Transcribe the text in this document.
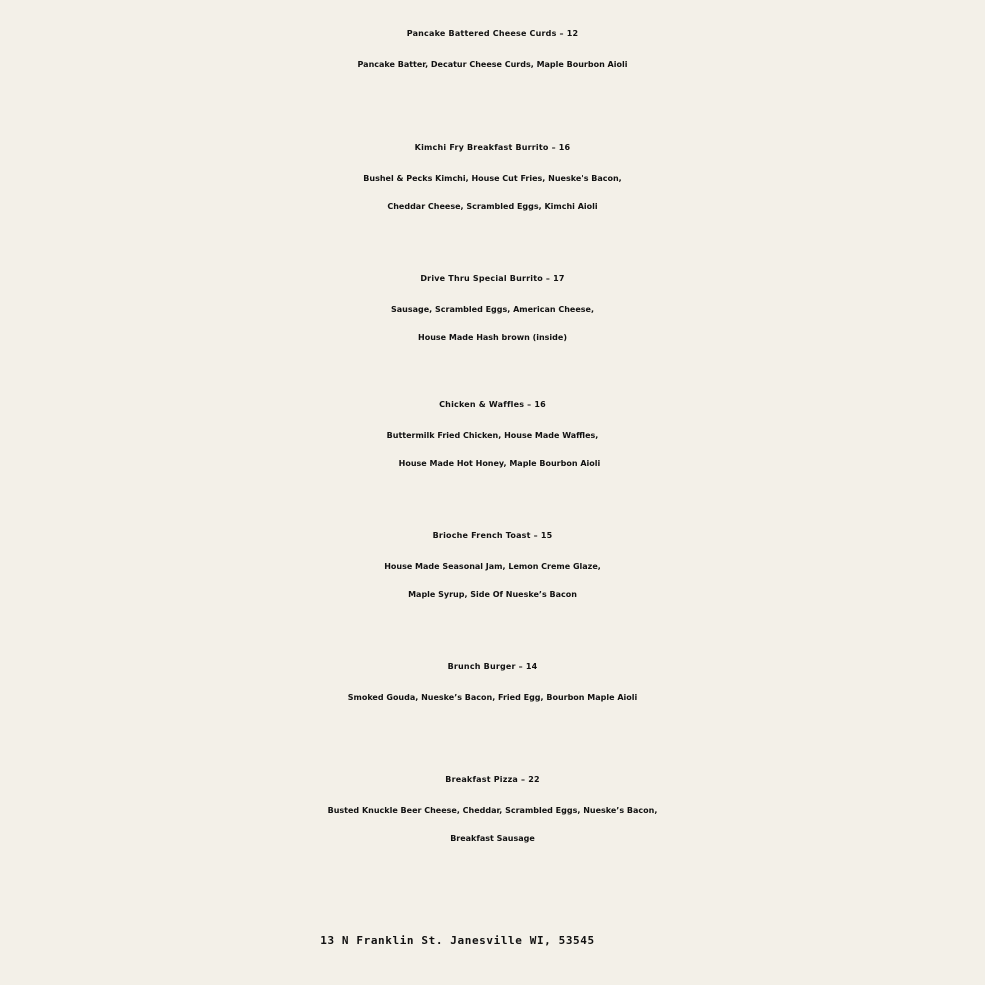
Pancake Battered Cheese Curds – 12
Pancake Batter, Decatur Cheese Curds, Maple Bourbon Aioli
Kimchi Fry Breakfast Burrito – 16
Bushel & Pecks Kimchi, House Cut Fries, Nueske's Bacon,
Cheddar Cheese, Scrambled Eggs, Kimchi Aioli
Drive Thru Special Burrito – 17
Sausage, Scrambled Eggs, American Cheese,
House Made Hash brown (inside)
Chicken & Waffles – 16
Buttermilk Fried Chicken, House Made Waffles,
House Made Hot Honey, Maple Bourbon Aioli
Brioche French Toast – 15
House Made Seasonal Jam, Lemon Creme Glaze,
Maple Syrup, Side Of Nueske’s Bacon
Brunch Burger – 14
Smoked Gouda, Nueske’s Bacon, Fried Egg, Bourbon Maple Aioli
Breakfast Pizza – 22
Busted Knuckle Beer Cheese, Cheddar, Scrambled Eggs, Nueske’s Bacon,
Breakfast Sausage
13 N Franklin St. Janesville WI, 53545
